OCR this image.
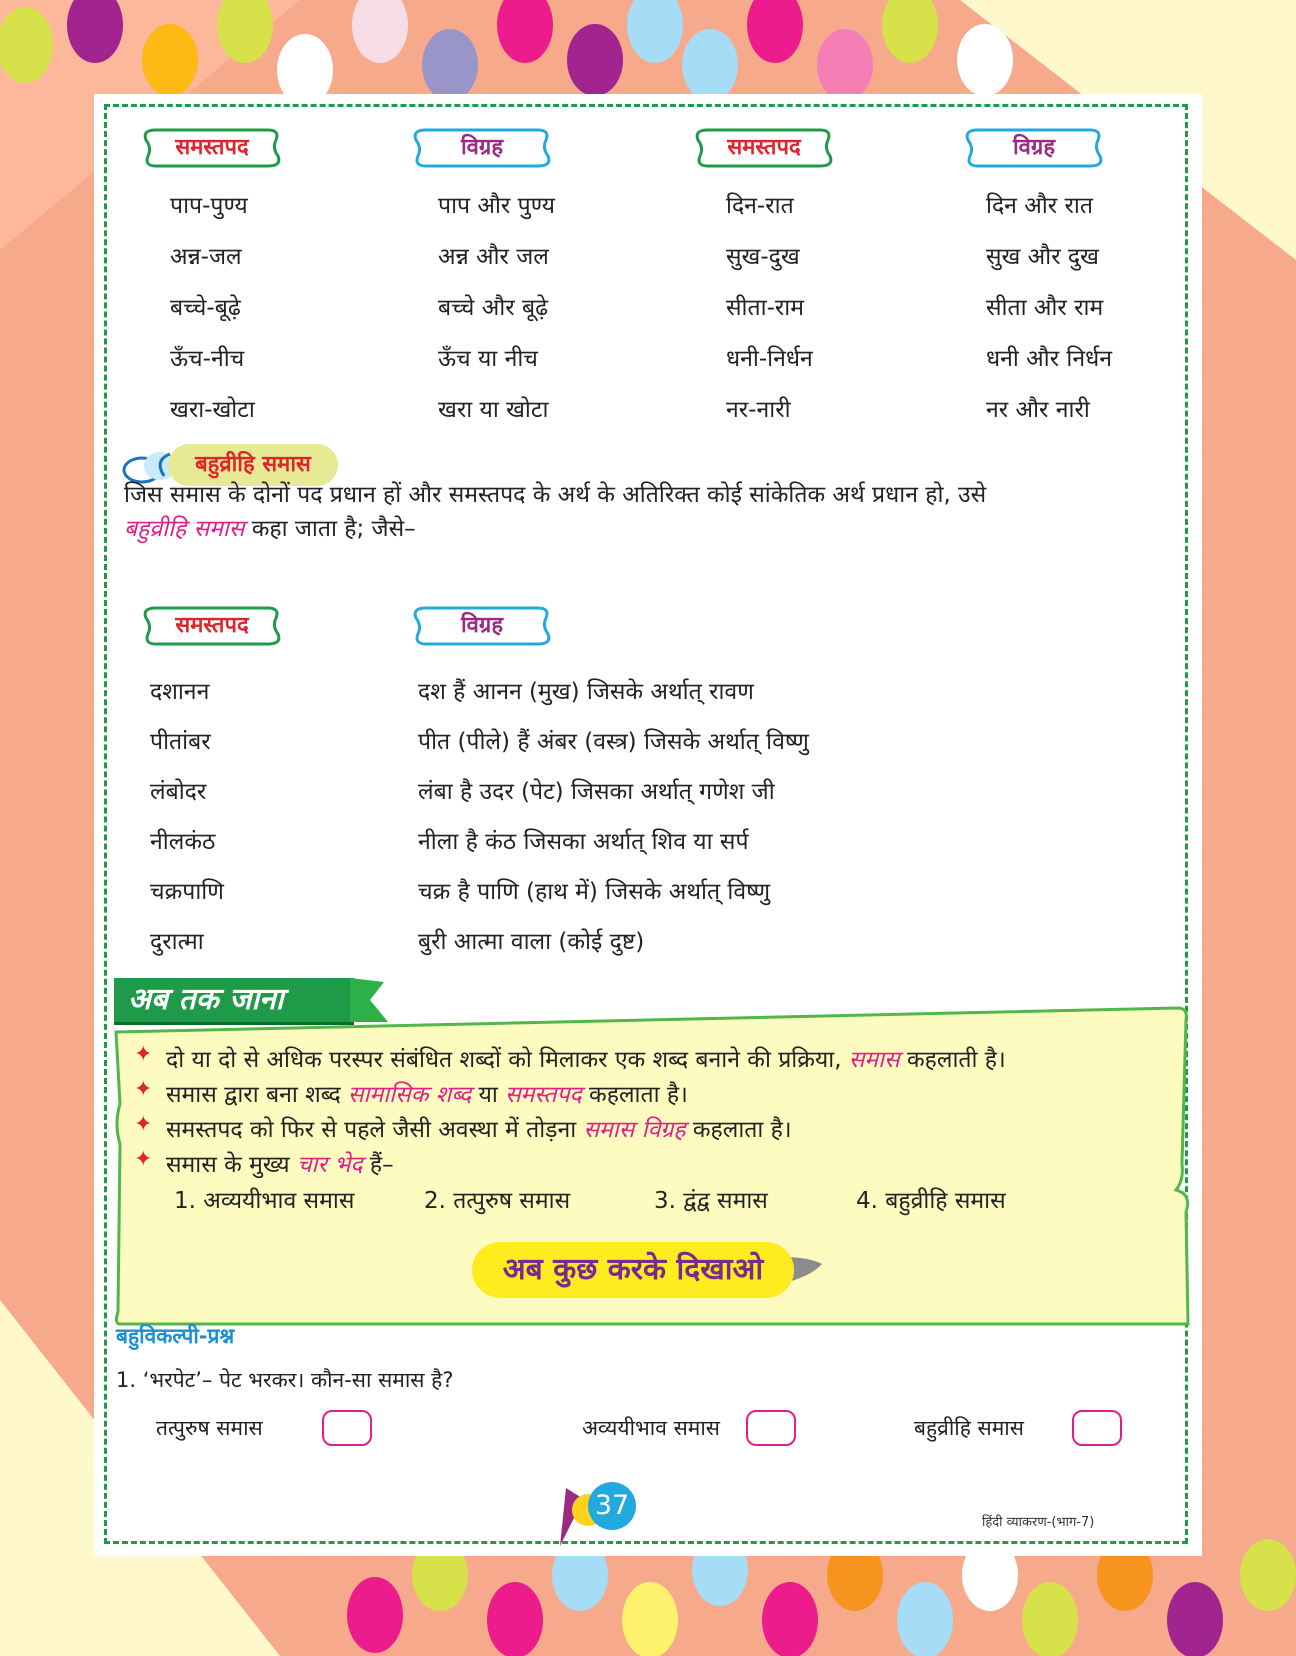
समस्तपद	विग्रह	समस्तपद	विग्रह
पाप-पुण्य	पाप और पुण्य	दिन-रात	दिन और रात
अन्न-जल	अन्न और जल	सुख-दुख	सुख और दुख
बच्चे-बूढ़े	बच्चे और बूढ़े	सीता-राम	सीता और राम
ऊँच-नीच	ऊँच या नीच	धनी-निर्धन	धनी और निर्धन
खरा-खोटा	खरा या खोटा	नर-नारी	नर और नारी
बहुव्रीहि समास
जिस समास के दोनों पद प्रधान हों और समस्तपद के अर्थ के अतिरिक्त कोई सांकेतिक अर्थ प्रधान हो, उसे
बहुव्रीहि समास कहा जाता है; जैसे–
समस्तपद	विग्रह
दशानन	दश हैं आनन (मुख) जिसके अर्थात् रावण
पीतांबर	पीत (पीले) हैं अंबर (वस्त्र) जिसके अर्थात् विष्णु
लंबोदर	लंबा है उदर (पेट) जिसका अर्थात् गणेश जी
नीलकंठ	नीला है कंठ जिसका अर्थात् शिव या सर्प
चक्रपाणि	चक्र है पाणि (हाथ में) जिसके अर्थात् विष्णु
दुरात्मा	बुरी आत्मा वाला (कोई दुष्ट)
अब तक जाना
✦ दो या दो से अधिक परस्पर संबंधित शब्दों को मिलाकर एक शब्द बनाने की प्रक्रिया, समास कहलाती है।
✦ समास द्वारा बना शब्द सामासिक शब्द या समस्तपद कहलाता है।
✦ समस्तपद को फिर से पहले जैसी अवस्था में तोड़ना समास विग्रह कहलाता है।
✦ समास के मुख्य चार भेद हैं–
1. अव्ययीभाव समास	2. तत्पुरुष समास	3. द्वंद्व समास	4. बहुव्रीहि समास
अब कुछ करके दिखाओ
बहुविकल्पी-प्रश्न
1. ‘भरपेट’– पेट भरकर। कौन-सा समास है?
तत्पुरुष समास	अव्ययीभाव समास	बहुव्रीहि समास
37
हिंदी व्याकरण-(भाग-7)
